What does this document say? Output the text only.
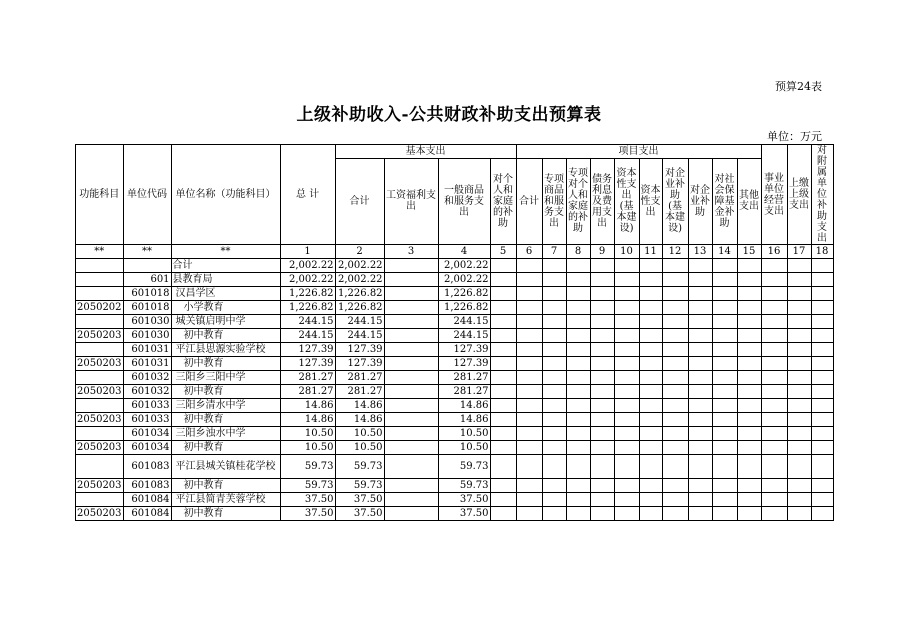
预算24表
上级补助收入-公共财政补助支出预算表
单位：万元
功能科目	单位代码	单位名称（功能科目）	总 计	基本支出				项目支出										事业单位经营支出	上缴上级支出	对附属单位补助支出
				合计	工资福利支出	一般商品和服务支出	对个人和家庭的补助	合计	专项商品和服务支出	专项对个人和家庭的补助	债务利息及费用支出	资本性支出(基本建设)	资本性支出	对企业补助(基本建设)	对企业补助	对社会保障基金补助	其他支出			
**	**	**	1	2	3	4	5	6	7	8	9	10	11	12	13	14	15	16	17	18
		合计	2,002.22	2,002.22		2,002.22														
	601	县教育局	2,002.22	2,002.22		2,002.22														
	601018	汉昌学区	1,226.82	1,226.82		1,226.82														
2050202	601018	小学教育	1,226.82	1,226.82		1,226.82														
	601030	城关镇启明中学	244.15	244.15		244.15														
2050203	601030	初中教育	244.15	244.15		244.15														
	601031	平江县思源实验学校	127.39	127.39		127.39														
2050203	601031	初中教育	127.39	127.39		127.39														
	601032	三阳乡三阳中学	281.27	281.27		281.27														
2050203	601032	初中教育	281.27	281.27		281.27														
	601033	三阳乡清水中学	14.86	14.86		14.86														
2050203	601033	初中教育	14.86	14.86		14.86														
	601034	三阳乡浊水中学	10.50	10.50		10.50														
2050203	601034	初中教育	10.50	10.50		10.50														
	601083	平江县城关镇桂花学校	59.73	59.73		59.73														
2050203	601083	初中教育	59.73	59.73		59.73														
	601084	平江县简青芙蓉学校	37.50	37.50		37.50														
2050203	601084	初中教育	37.50	37.50		37.50														
